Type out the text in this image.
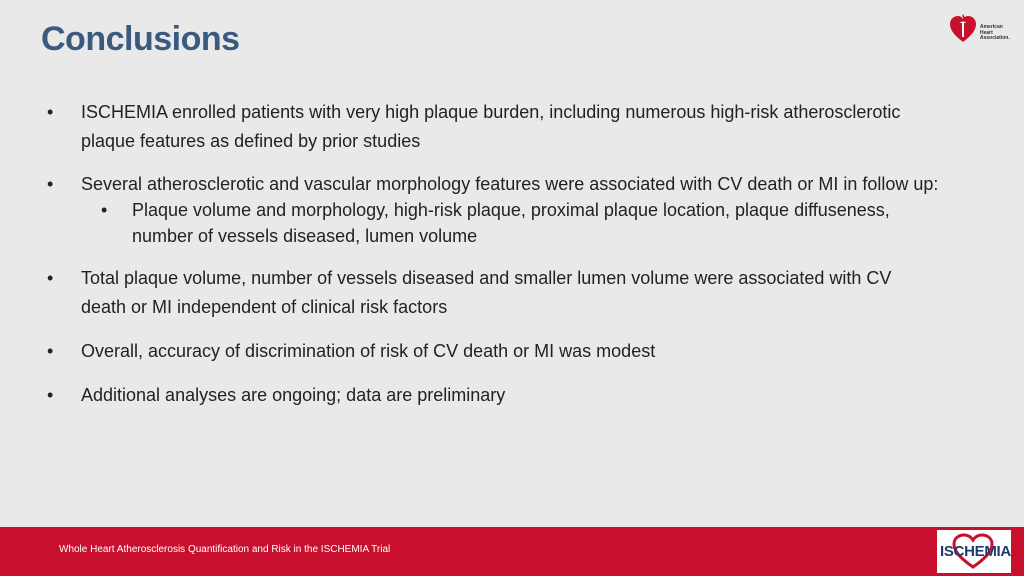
Conclusions	American
Heart
Association.
•
ISCHEMIA enrolled patients with very high plaque burden, including numerous high-risk atherosclerotic plaque features as defined by prior studies
•
Several atherosclerotic and vascular morphology features were associated with CV death or MI in follow up:
•
Plaque volume and morphology, high-risk plaque, proximal plaque location, plaque diffuseness, number of vessels diseased, lumen volume
•
Total plaque volume, number of vessels diseased and smaller lumen volume were associated with CV death or MI independent of clinical risk factors
•
Overall, accuracy of discrimination of risk of CV death or MI was modest
•
Additional analyses are ongoing; data are preliminary
Whole Heart Atherosclerosis Quantification and Risk in the ISCHEMIA Trial	ISCHEMIA
